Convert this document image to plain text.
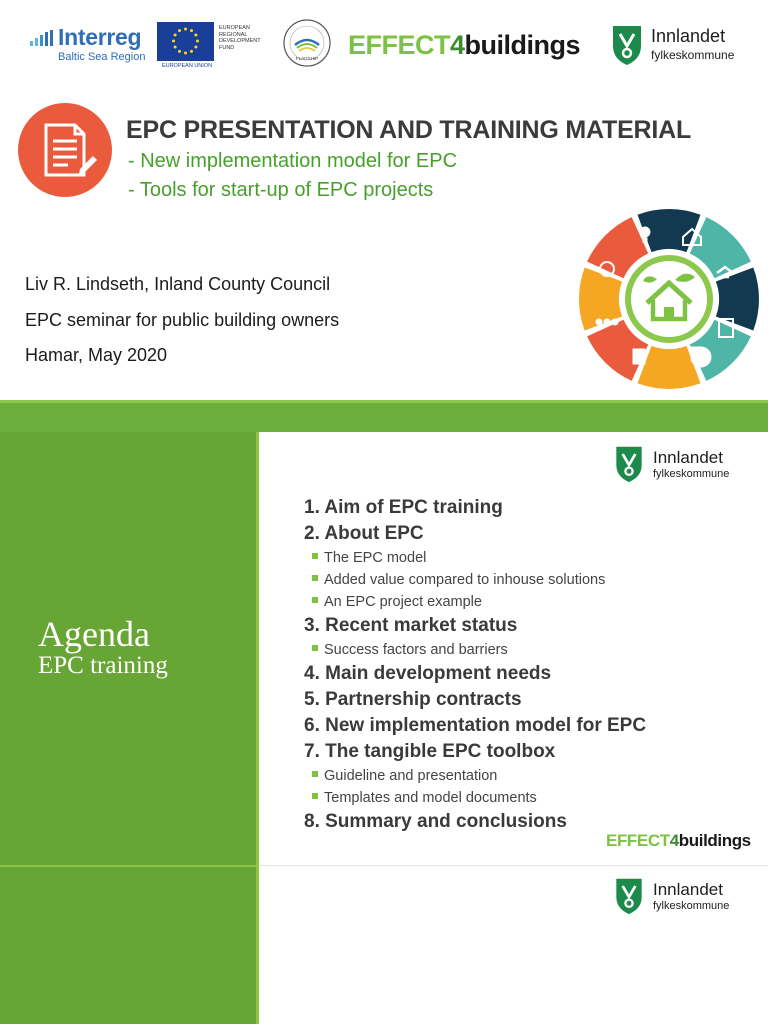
Interreg
Baltic Sea Region
EUROPEAN REGIONAL DEVELOPMENT FUND
EUROPEAN UNION
FLAGSHIP EFFECT4buildings	Innlandet
fylkeskommune
EPC PRESENTATION AND TRAINING MATERIAL
- New implementation model for EPC
- Tools for start-up of EPC projects
Liv R. Lindseth, Inland County Council
EPC seminar for public building owners
Hamar, May 2020
Agenda
EPC training
Innlandet
fylkeskommune
1. Aim of EPC training
2. About EPC
The EPC model
Added value compared to inhouse solutions
An EPC project example
3. Recent market status
Success factors and barriers
4. Main development needs
5. Partnership contracts
6. New implementation model for EPC
7. The tangible EPC toolbox
Guideline and presentation
Templates and model documents
8. Summary and conclusions
EFFECT4buildings
Innlandet
fylkeskommune
